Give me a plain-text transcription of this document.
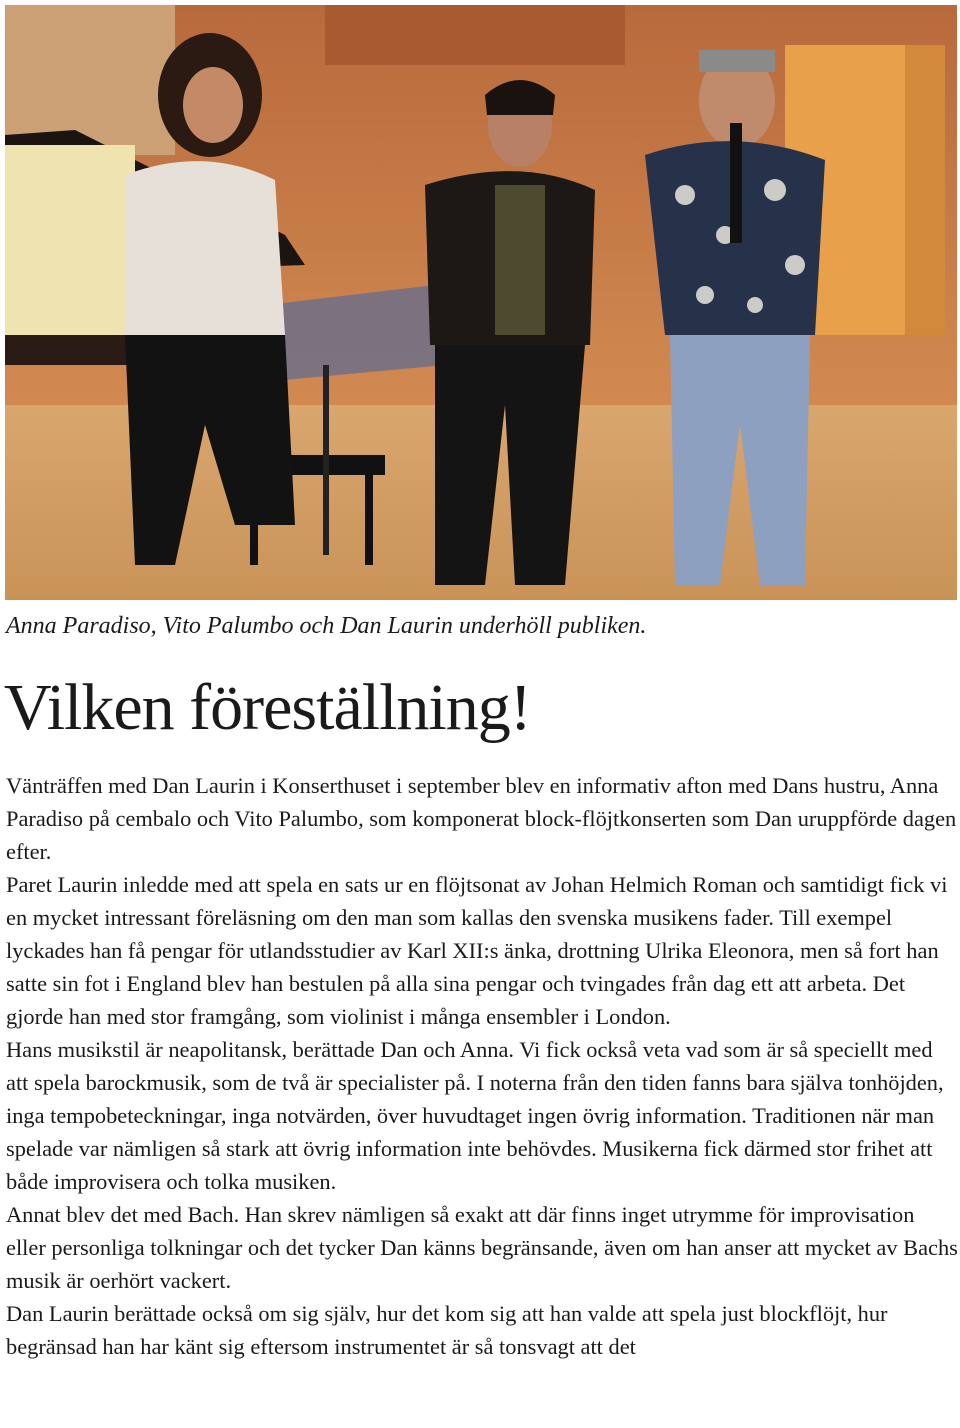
Anna Paradiso, Vito Palumbo och Dan Laurin underhöll publiken.
Vilken föreställning!

Vänträffen med Dan Laurin i Konserthuset i september blev en informativ afton med Dans hustru, Anna Paradiso på cembalo och Vito Palumbo, som komponerat block-flöjtkonserten som Dan uruppförde dagen efter.

Paret Laurin inledde med att spela en sats ur en flöjtsonat av Johan Helmich Roman och samtidigt fick vi en mycket intressant föreläsning om den man som kallas den svenska musikens fader. Till exempel lyckades han få pengar för utlandsstudier av Karl XII:s änka, drottning Ulrika Eleonora, men så fort han satte sin fot i England blev han bestulen på alla sina pengar och tvingades från dag ett att arbeta. Det gjorde han med stor framgång, som violinist i många ensembler i London.

Hans musikstil är neapolitansk, berättade Dan och Anna. Vi fick också veta vad som är så speciellt med att spela barockmusik, som de två är specialister på. I noterna från den tiden fanns bara själva tonhöjden, inga tempobeteckningar, inga notvärden, över huvudtaget ingen övrig information. Traditionen när man spelade var nämligen så stark att övrig information inte behövdes. Musikerna fick därmed stor frihet att både improvisera och tolka musiken.

Annat blev det med Bach. Han skrev nämligen så exakt att där finns inget utrymme för improvisation eller personliga tolkningar och det tycker Dan känns begränsande, även om han anser att mycket av Bachs musik är oerhört vackert.

Dan Laurin berättade också om sig själv, hur det kom sig att han valde att spela just blockflöjt, hur begränsad han har känt sig eftersom instrumentet är så tonsvagt att det
